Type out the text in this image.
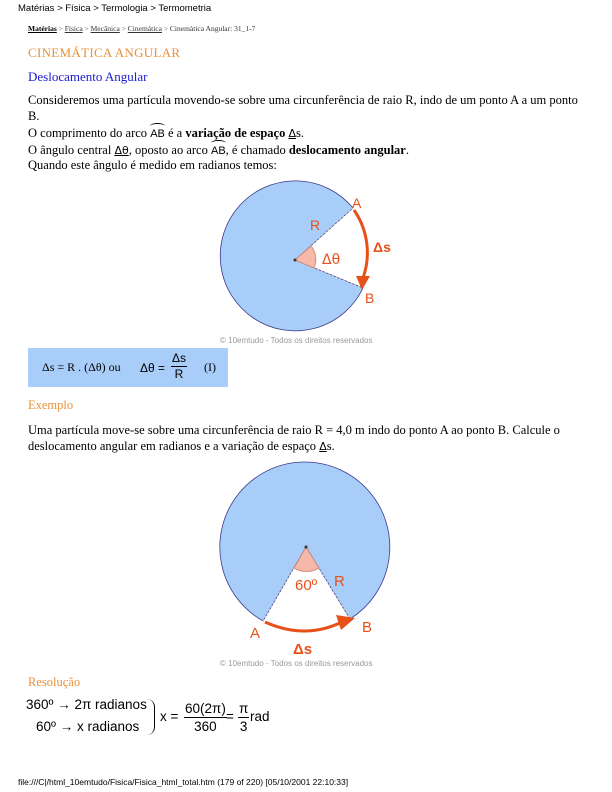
Matérias > Física > Termologia > Termometria
Matérias > Física > Mecânica > Cinemática > Cinemàtica Angular: 31_1-7
CINEMÁTICA ANGULAR
Deslocamento Angular
Consideremos uma partícula movendo-se sobre uma circunferência de raio R, indo de um ponto A a um ponto B.
O comprimento do arco AB é a variação de espaço Δs.
O ângulo central Δθ, oposto ao arco AB, é chamado deslocamento angular.
Quando este ângulo é medido em radianos temos:
A
B
R
Δθ
Δs
© 10emtudo - Todos os direitos reservados
Δs = R . (Δθ) ou $\Delta\theta = \frac{\Delta s}{R} (I)$
Exemplo
Uma partícula move-se sobre uma circunferência de raio R = 4,0 m indo do ponto A ao ponto B. Calcule o deslocamento angular em radianos e a variação de espaço Δs.
A	B
R
60º
Δs
© 10emtudo - Todos os direitos reservados
Resolução
360º → 2π radianos
60º → x radianos
$x = \frac{60(2\pi)}{360} = \frac{\pi}{3}$ rad
file:///C|/html_10emtudo/Fisica/Fisica_html_total.htm (179 of 220) [05/10/2001 22:10:33]
